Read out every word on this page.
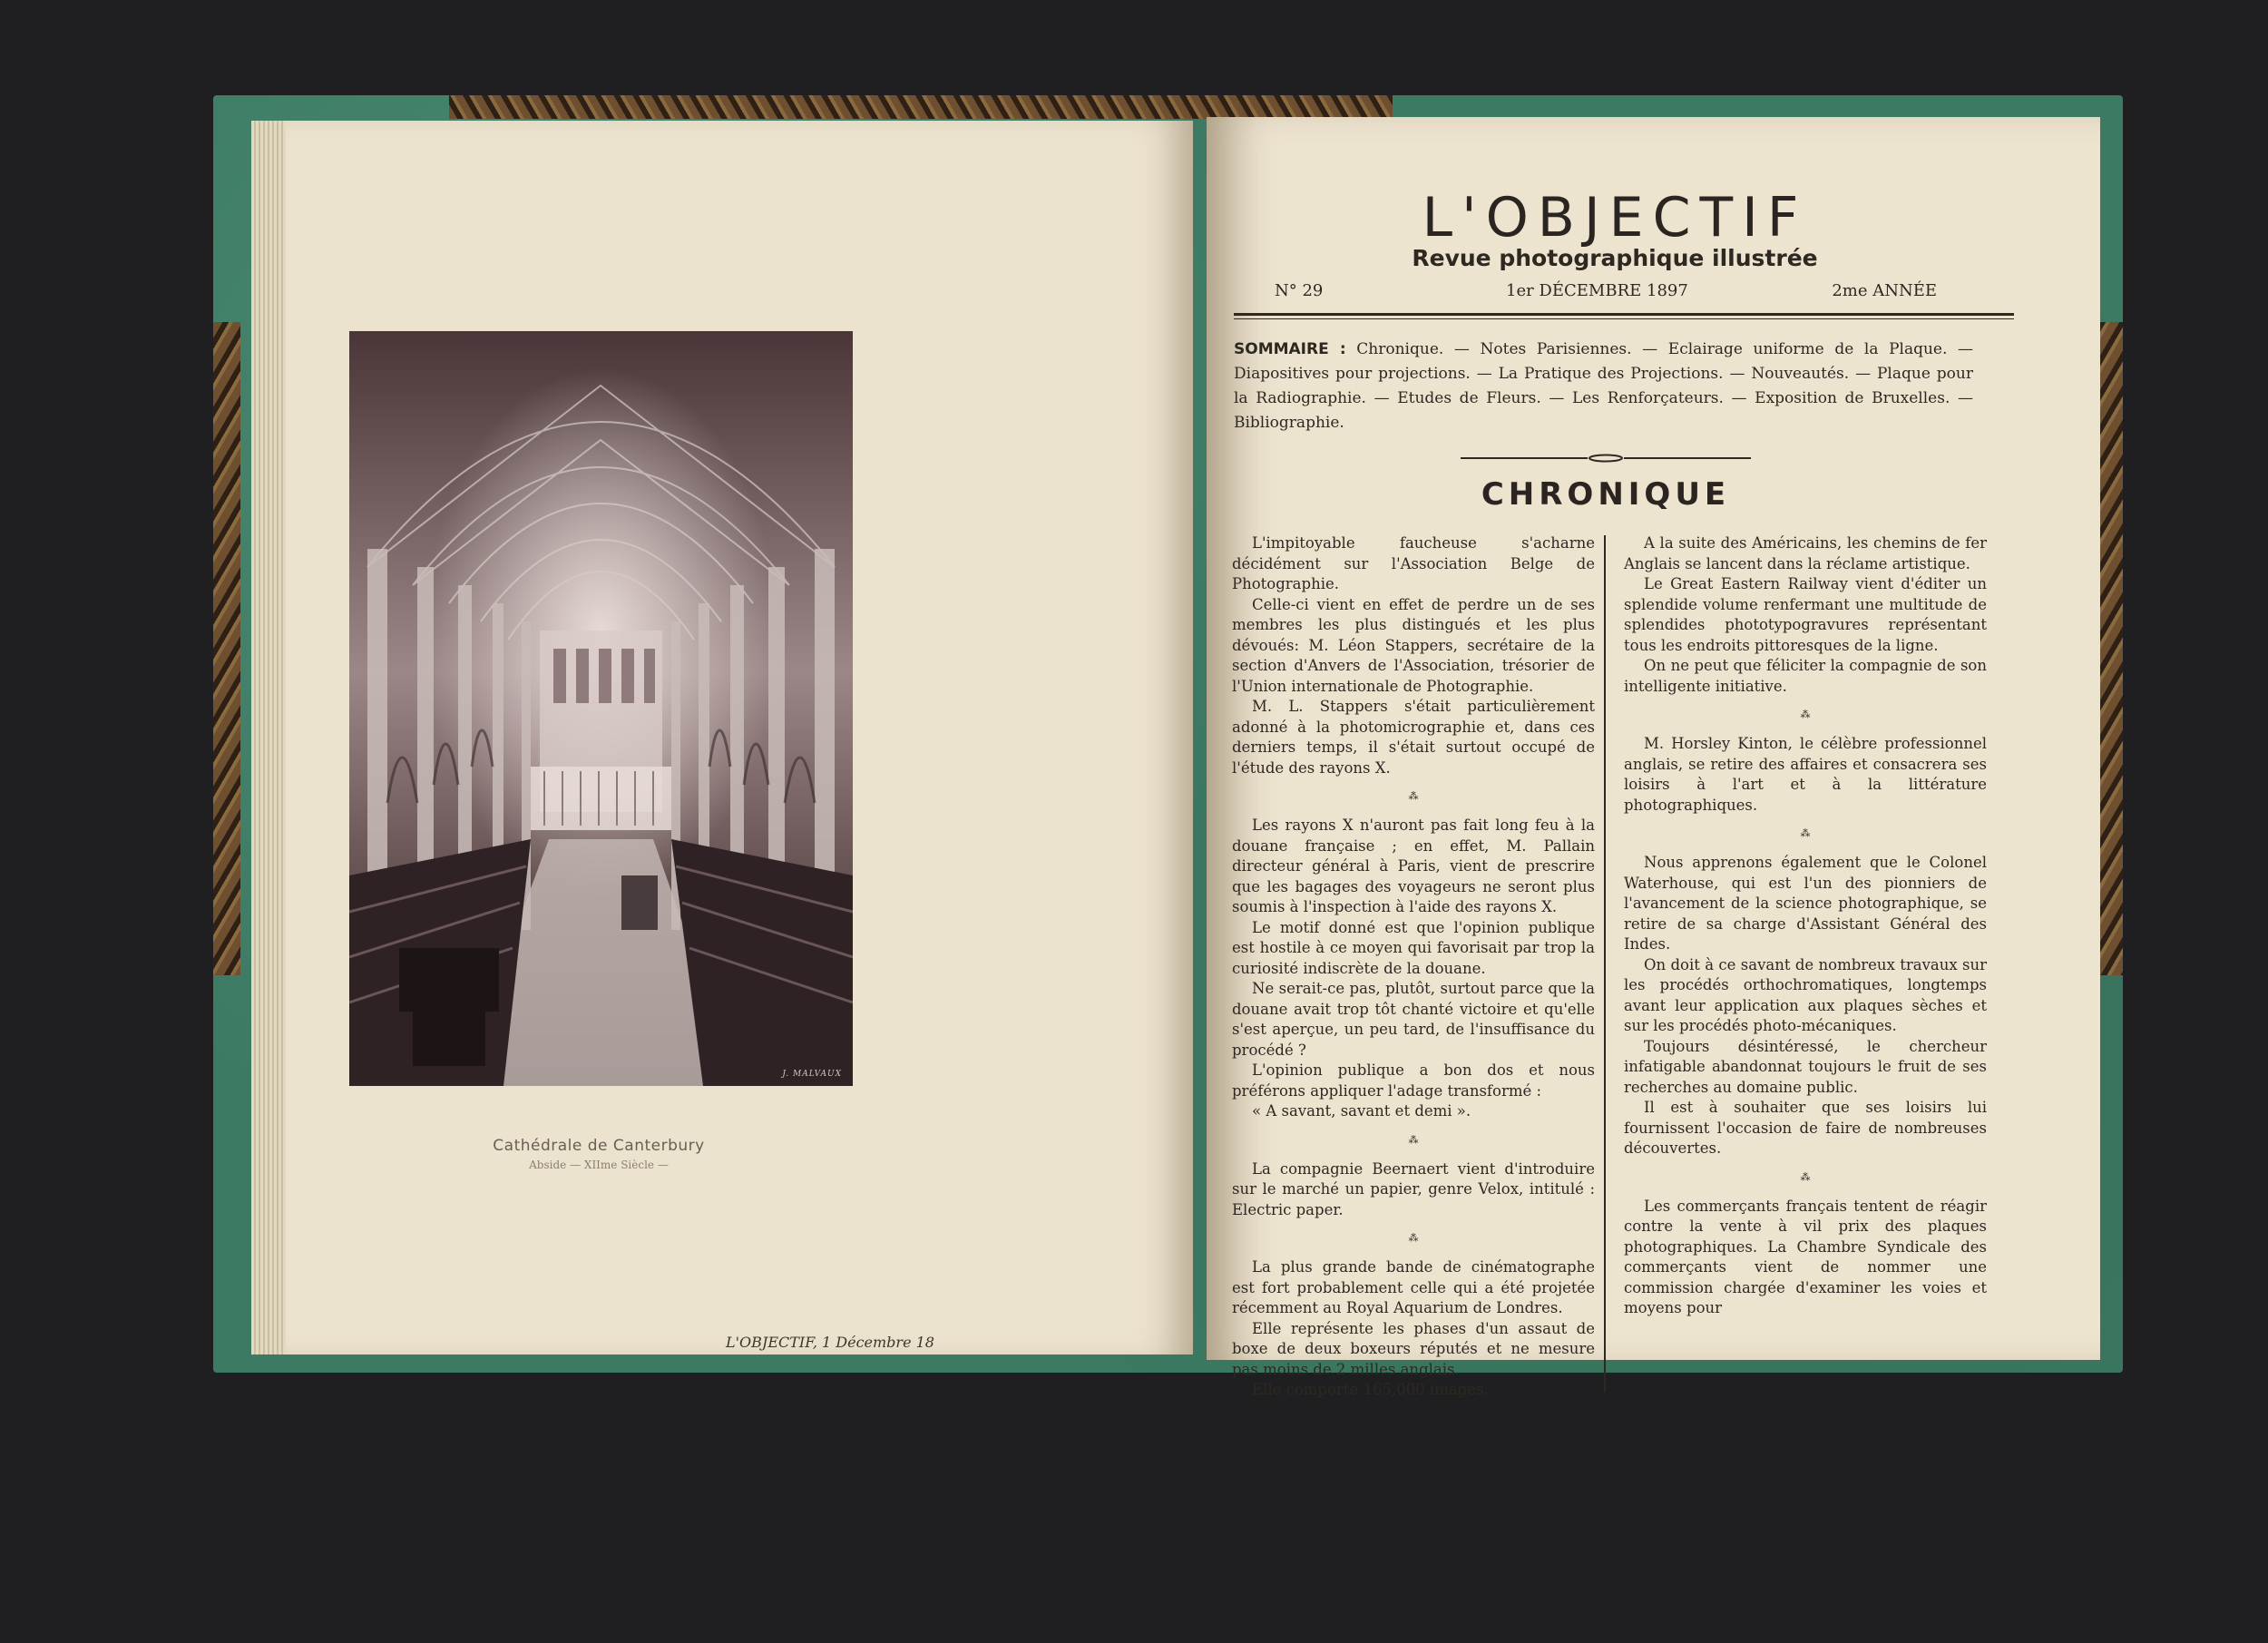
J. MALVAUX
Cathédrale de Canterbury
Abside — XIIme Siècle —
L'OBJECTIF, 1 Décembre 18
L'OBJECTIF
Revue photographique illustrée
N° 29	1er DÉCEMBRE 1897	2me ANNÉE
SOMMAIRE : Chronique. — Notes Parisiennes. — Eclairage uniforme de la Plaque. — Diapositives pour projections. — La Pratique des Projections. — Nouveautés. — Plaque pour la Radiographie. — Etudes de Fleurs. — Les Renforçateurs. — Exposition de Bruxelles. — Bibliographie.
CHRONIQUE

L'impitoyable faucheuse s'acharne décidément sur l'Association Belge de Photographie.

Celle-ci vient en effet de perdre un de ses membres les plus distingués et les plus dévoués: M. Léon Stappers, secrétaire de la section d'Anvers de l'Association, trésorier de l'Union internationale de Photographie.

M. L. Stappers s'était particulièrement adonné à la photomicrographie et, dans ces derniers temps, il s'était surtout occupé de l'étude des rayons X.

⁂

Les rayons X n'auront pas fait long feu à la douane française ; en effet, M. Pallain directeur général à Paris, vient de prescrire que les bagages des voyageurs ne seront plus soumis à l'inspection à l'aide des rayons X.

Le motif donné est que l'opinion publique est hostile à ce moyen qui favorisait par trop la curiosité indiscrète de la douane.

Ne serait-ce pas, plutôt, surtout parce que la douane avait trop tôt chanté victoire et qu'elle s'est aperçue, un peu tard, de l'insuffisance du procédé ?

L'opinion publique a bon dos et nous préférons appliquer l'adage transformé :

« A savant, savant et demi ».

⁂

La compagnie Beernaert vient d'introduire sur le marché un papier, genre Velox, intitulé : Electric paper.

⁂

La plus grande bande de cinématographe est fort probablement celle qui a été projetée récemment au Royal Aquarium de Londres.

Elle représente les phases d'un assaut de boxe de deux boxeurs réputés et ne mesure pas moins de 2 milles anglais.

Elle comporte 165,000 images.

A la suite des Américains, les chemins de fer Anglais se lancent dans la réclame artistique.

Le Great Eastern Railway vient d'éditer un splendide volume renfermant une multitude de splendides phototypogravures représentant tous les endroits pittoresques de la ligne.

On ne peut que féliciter la compagnie de son intelligente initiative.

⁂

M. Horsley Kinton, le célèbre professionnel anglais, se retire des affaires et consacrera ses loisirs à l'art et à la littérature photographiques.

⁂

Nous apprenons également que le Colonel Waterhouse, qui est l'un des pionniers de l'avancement de la science photographique, se retire de sa charge d'Assistant Général des Indes.

On doit à ce savant de nombreux travaux sur les procédés orthochromatiques, longtemps avant leur application aux plaques sèches et sur les procédés photo-mécaniques.

Toujours désintéressé, le chercheur infatigable abandonnat toujours le fruit de ses recherches au domaine public.

Il est à souhaiter que ses loisirs lui fournissent l'occasion de faire de nombreuses découvertes.

⁂

Les commerçants français tentent de réagir contre la vente à vil prix des plaques photographiques. La Chambre Syndicale des commerçants vient de nommer une commission chargée d'examiner les voies et moyens pour
